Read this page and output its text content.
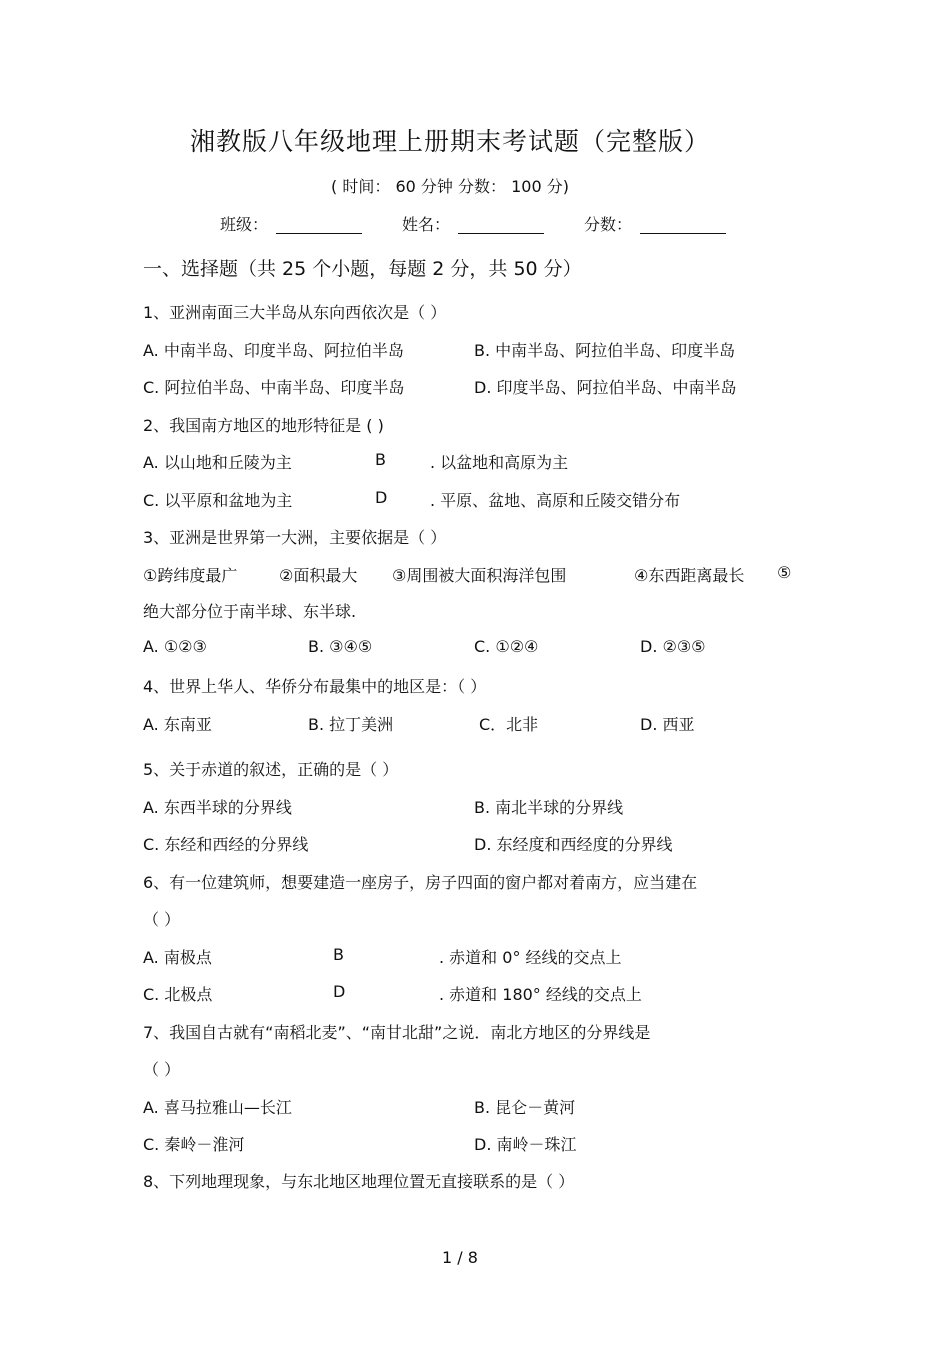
湘教版八年级地理上册期末考试题（完整版）
( 时间： 60 分钟 分数： 100 分)
班级：	姓名：	分数：
一、选择题（共 25 个小题，每题 2 分，共 50 分）
1、亚洲南面三大半岛从东向西依次是（ ）
A. 中南半岛、印度半岛、阿拉伯半岛	B. 中南半岛、阿拉伯半岛、印度半岛
C. 阿拉伯半岛、中南半岛、印度半岛	D. 印度半岛、阿拉伯半岛、中南半岛
2、我国南方地区的地形特征是 ( )
A. 以山地和丘陵为主	B	. 以盆地和高原为主
C. 以平原和盆地为主	D	. 平原、盆地、高原和丘陵交错分布
3、亚洲是世界第一大洲，主要依据是（ ）
①跨纬度最广	②面积最大 ③周围被大面积海洋包围	④东西距离最长 ⑤
绝大部分位于南半球、东半球.
A. ①②③	B. ③④⑤	C. ①②④	D. ②③⑤
4、世界上华人、华侨分布最集中的地区是：（ ）
A. 东南亚	B. 拉丁美洲	C．北非	D. 西亚
5、关于赤道的叙述，正确的是（ ）
A. 东西半球的分界线	B. 南北半球的分界线
C. 东经和西经的分界线	D. 东经度和西经度的分界线
6、有一位建筑师，想要建造一座房子，房子四面的窗户都对着南方，应当建在
（ ）
A. 南极点	B	. 赤道和 0° 经线的交点上
C. 北极点	D	. 赤道和 180° 经线的交点上
7、我国自古就有“南稻北麦”、“南甘北甜”之说．南北方地区的分界线是
（ ）
A. 喜马拉雅山—长江	B. 昆仑－黄河
C. 秦岭－淮河	D. 南岭－珠江
8、下列地理现象，与东北地区地理位置无直接联系的是（ ）
1 / 8
